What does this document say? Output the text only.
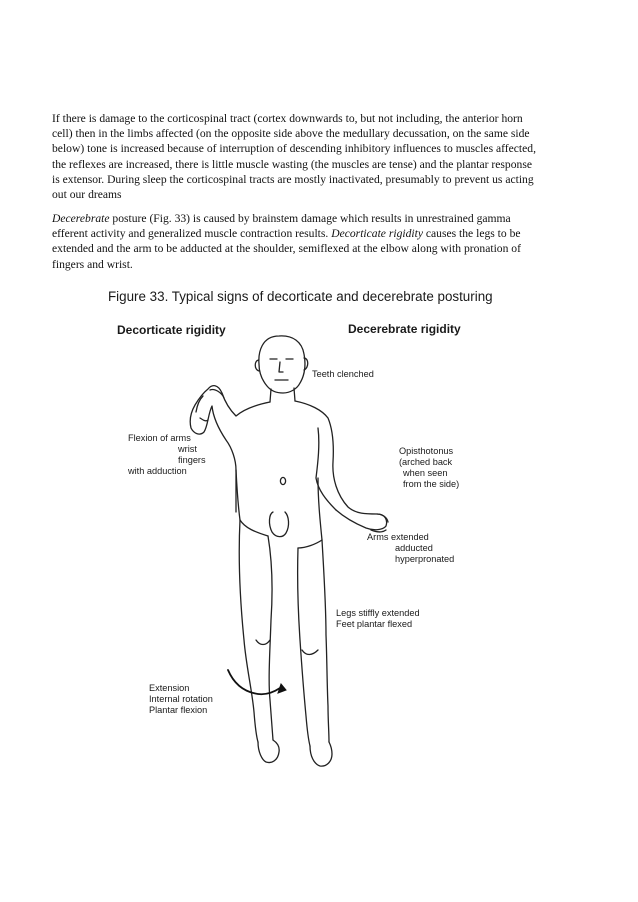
If there is damage to the corticospinal tract (cortex downwards to, but not including, the anterior horn
cell) then in the limbs affected (on the opposite side above the medullary decussation, on the same side
below) tone is increased because of interruption of descending inhibitory influences to muscles affected,
the reflexes are increased, there is little muscle wasting (the muscles are tense) and the plantar response
is extensor. During sleep the corticospinal tracts are mostly inactivated, presumably to prevent us acting
out our dreams
Decerebrate posture (Fig. 33) is caused by brainstem damage which results in unrestrained gamma
efferent activity and generalized muscle contraction results. Decorticate rigidity causes the legs to be
extended and the arm to be adducted at the shoulder, semiflexed at the elbow along with pronation of
fingers and wrist.
Figure 33. Typical signs of decorticate and decerebrate posturing
Decorticate rigidity	Decerebrate rigidity
Teeth clenched
Flexion of arms
wrist
fingers
with adduction
Opisthotonus
(arched back
when seen
from the side)
Arms extended
adducted
hyperpronated
Legs stiffly extended
Feet plantar flexed
Extension
Internal rotation
Plantar flexion
